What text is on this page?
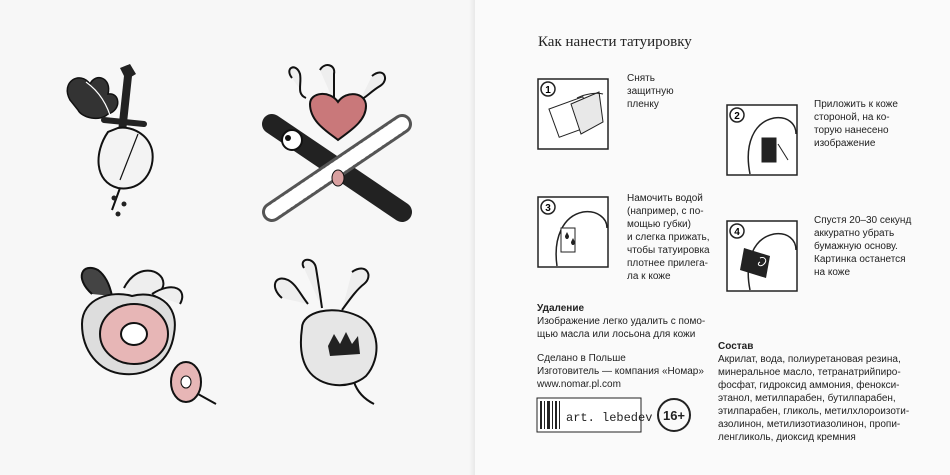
Как нанести татуировку
1
Снять
защитную
пленку
2
Приложить к коже
стороной, на ко-
торую нанесено
изображение
3
Намочить водой
(например, с по-
мощью губки)
и слегка прижать,
чтобы татуировка
плотнее прилега-
ла к коже
4
Спустя 20–30 секунд
аккуратно убрать
бумажную основу.
Картинка останется
на коже
Удаление
Изображение легко удалить с помо-
щью масла или лосьона для кожи
Сделано в Польше
Изготовитель — компания «Номар»
www.nomar.pl.com
Состав
Акрилат, вода, полиуретановая резина,
минеральное масло, тетранатрийпиро-
фосфат, гидроксид аммония, фенокси-
этанол, метилпарабен, бутилпарабен,
этилпарабен, гликоль, метилхлороизоти-
азолинон, метилизотиазолинон, пропи-
ленгликоль, диоксид кремния
art. lebedev 16+
